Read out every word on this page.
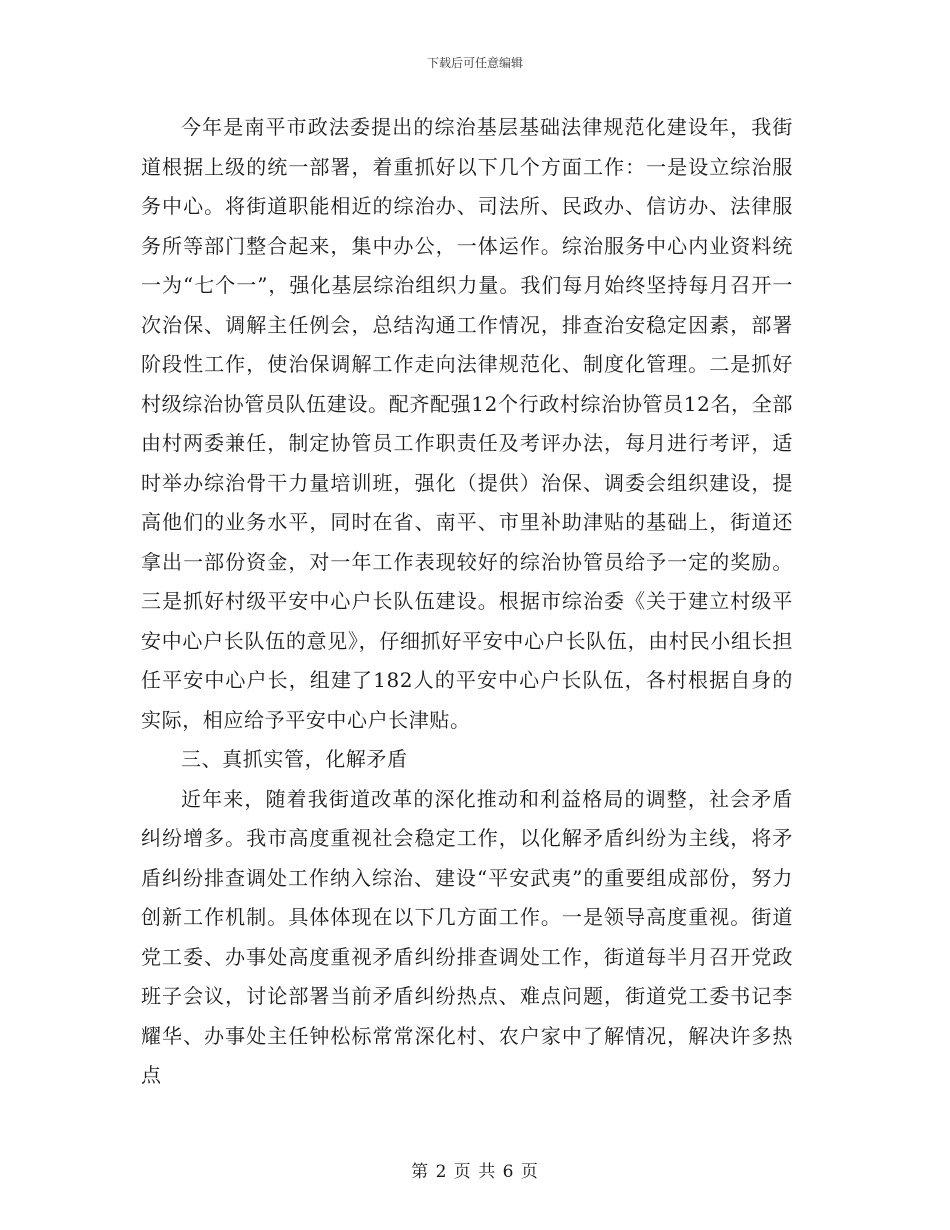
下载后可任意编辑

今年是南平市政法委提出的综治基层基础法律规范化建设年，我街道根据上级的统一部署，着重抓好以下几个方面工作：一是设立综治服务中心。将街道职能相近的综治办、司法所、民政办、信访办、法律服务所等部门整合起来，集中办公，一体运作。综治服务中心内业资料统一为“七个一”，强化基层综治组织力量。我们每月始终坚持每月召开一次治保、调解主任例会，总结沟通工作情况，排查治安稳定因素，部署阶段性工作，使治保调解工作走向法律规范化、制度化管理。二是抓好村级综治协管员队伍建设。配齐配强12个行政村综治协管员12名，全部由村两委兼任，制定协管员工作职责任及考评办法，每月进行考评，适时举办综治骨干力量培训班，强化（提供）治保、调委会组织建设，提高他们的业务水平，同时在省、南平、市里补助津贴的基础上，街道还拿出一部份资金，对一年工作表现较好的综治协管员给予一定的奖励。三是抓好村级平安中心户长队伍建设。根据市综治委《关于建立村级平安中心户长队伍的意见》，仔细抓好平安中心户长队伍，由村民小组长担任平安中心户长，组建了182人的平安中心户长队伍，各村根据自身的实际，相应给予平安中心户长津贴。

三、真抓实管，化解矛盾

近年来，随着我街道改革的深化推动和利益格局的调整，社会矛盾纠纷增多。我市高度重视社会稳定工作，以化解矛盾纠纷为主线，将矛盾纠纷排查调处工作纳入综治、建设“平安武夷”的重要组成部份，努力创新工作机制。具体体现在以下几方面工作。一是领导高度重视。街道党工委、办事处高度重视矛盾纠纷排查调处工作，街道每半月召开党政班子会议，讨论部署当前矛盾纠纷热点、难点问题，街道党工委书记李耀华、办事处主任钟松标常常深化村、农户家中了解情况，解决许多热点

第 2 页 共 6 页
